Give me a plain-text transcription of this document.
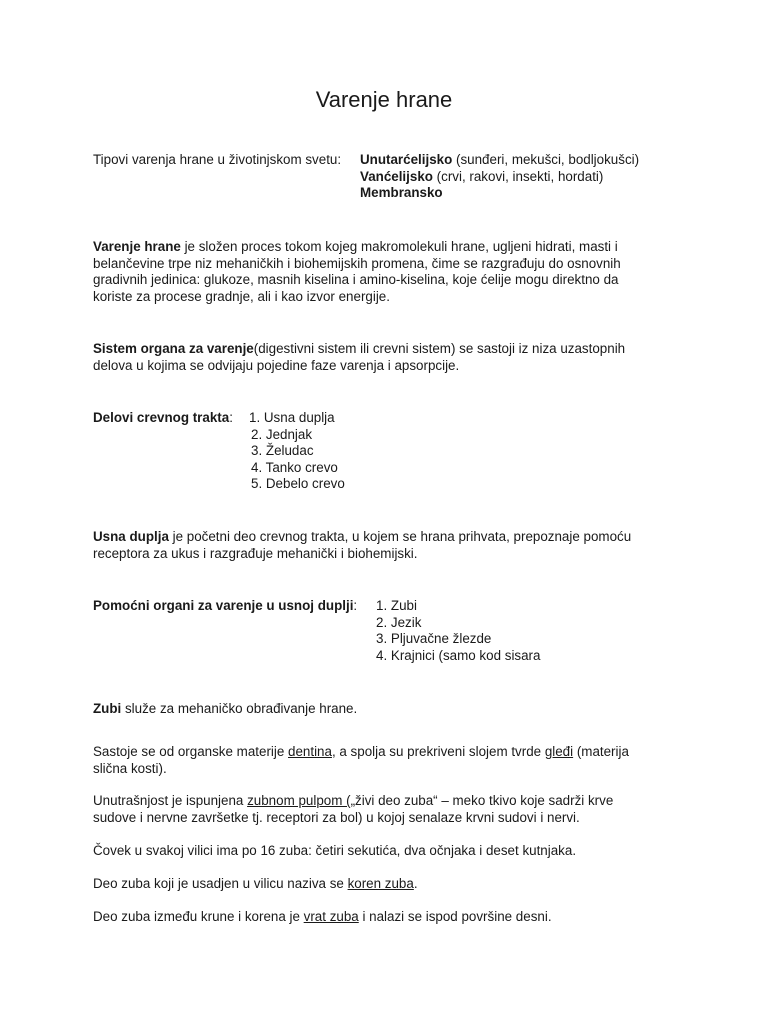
Varenje hrane
Tipovi varenja hrane u životinjskom svetu: Unutarćelijsko (sunđeri, mekušci, bodljokušci)
Vanćelijsko (crvi, rakovi, insekti, hordati)
Membransko
Varenje hrane je složen proces tokom kojeg makromolekuli hrane, ugljeni hidrati, masti i
belančevine trpe niz mehaničkih i biohemijskih promena, čime se razgrađuju do osnovnih
gradivnih jedinica: glukoze, masnih kiselina i amino-kiselina, koje ćelije mogu direktno da
koriste za procese gradnje, ali i kao izvor energije.
Sistem organa za varenje(digestivni sistem ili crevni sistem) se sastoji iz niza uzastopnih
delova u kojima se odvijaju pojedine faze varenja i apsorpcije.
Delovi crevnog trakta: 1. Usna duplja
2. Jednjak
3. Želudac
4. Tanko crevo
5. Debelo crevo
Usna duplja je početni deo crevnog trakta, u kojem se hrana prihvata, prepoznaje pomoću
receptora za ukus i razgrađuje mehanički i biohemijski.
Pomoćni organi za varenje u usnoj duplji: 1. Zubi
2. Jezik
3. Pljuvačne žlezde
4. Krajnici (samo kod sisara
Zubi služe za mehaničko obrađivanje hrane.
Sastoje se od organske materije dentina, a spolja su prekriveni slojem tvrde gleđi (materija
slična kosti).
Unutrašnjost je ispunjena zubnom pulpom („živi deo zuba“ – meko tkivo koje sadrži krve
sudove i nervne završetke tj. receptori za bol) u kojoj senalaze krvni sudovi i nervi.
Čovek u svakoj vilici ima po 16 zuba: četiri sekutića, dva očnjaka i deset kutnjaka.
Deo zuba koji je usadjen u vilicu naziva se koren zuba.
Deo zuba između krune i korena je vrat zuba i nalazi se ispod površine desni.
